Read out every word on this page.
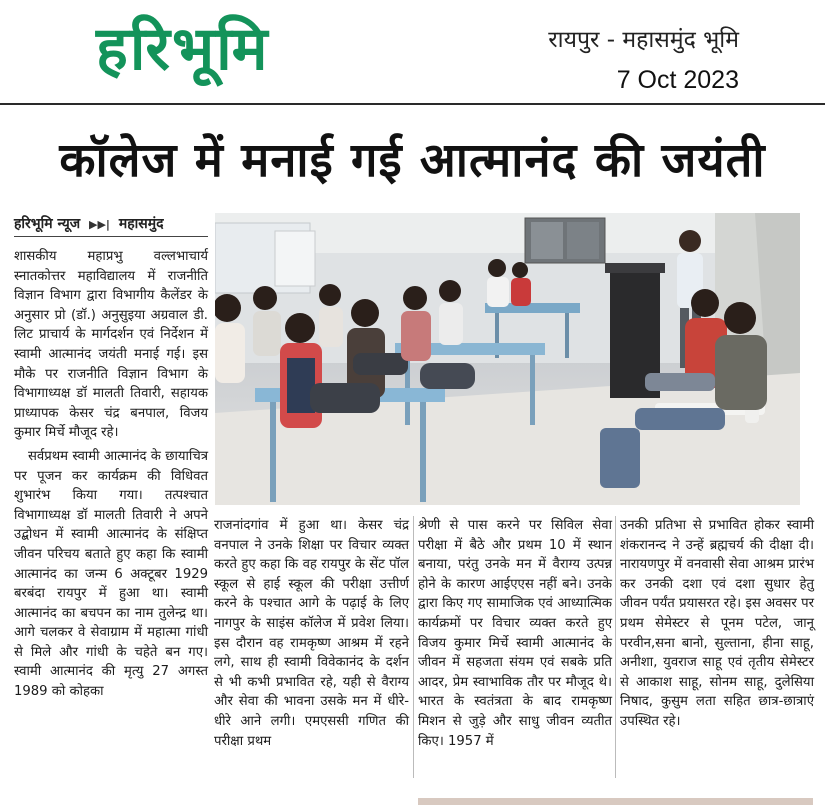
हरिभूमि	रायपुर - महासमुंद भूमि
7 Oct 2023
कॉलेज में मनाई गई आत्मानंद की जयंती
हरिभूमि न्यूज ▶▶| महासमुंद

शासकीय महाप्रभु वल्लभाचार्य स्नातकोत्तर महाविद्यालय में राजनीति विज्ञान विभाग द्वारा विभागीय कैलेंडर के अनुसार प्रो (डॉ.) अनुसुइया अग्रवाल डी. लिट प्राचार्य के मार्गदर्शन एवं निर्देशन में स्वामी आत्मानंद जयंती मनाई गई। इस मौके पर राजनीति विज्ञान विभाग के विभागाध्यक्ष डॉ मालती तिवारी, सहायक प्राध्यापक केसर चंद्र बनपाल, विजय कुमार मिर्चे मौजूद रहे।

सर्वप्रथम स्वामी आत्मानंद के छायाचित्र पर पूजन कर कार्यक्रम की विधिवत शुभारंभ किया गया। तत्पश्चात विभागाध्यक्ष डॉ मालती तिवारी ने अपने उद्बोधन में स्वामी आत्मानंद के संक्षिप्त जीवन परिचय बताते हुए कहा कि स्वामी आत्मानंद का जन्म 6 अक्टूबर 1929 बरबंदा रायपुर में हुआ था। स्वामी आत्मानंद का बचपन का नाम तुलेन्द्र था। आगे चलकर वे सेवाग्राम में महात्मा गांधी से मिले और गांधी के चहेते बन गए। स्वामी आत्मानंद की मृत्यु 27 अगस्त 1989 को कोहका

राजनांदगांव में हुआ था। केसर चंद्र वनपाल ने उनके शिक्षा पर विचार व्यक्त करते हुए कहा कि वह रायपुर के सेंट पॉल स्कूल से हाई स्कूल की परीक्षा उत्तीर्ण करने के पश्चात आगे के पढ़ाई के लिए नागपुर के साइंस कॉलेज में प्रवेश लिया। इस दौरान वह रामकृष्ण आश्रम में रहने लगे, साथ ही स्वामी विवेकानंद के दर्शन से भी कभी प्रभावित रहे, यही से वैराग्य और सेवा की भावना उसके मन में धीरे-धीरे आने लगी। एमएससी गणित की परीक्षा प्रथम

श्रेणी से पास करने पर सिविल सेवा परीक्षा में बैठे और प्रथम 10 में स्थान बनाया, परंतु उनके मन में वैराग्य उत्पन्न होने के कारण आईएएस नहीं बने। उनके द्वारा किए गए सामाजिक एवं आध्यात्मिक कार्यक्रमों पर विचार व्यक्त करते हुए विजय कुमार मिर्चे स्वामी आत्मानंद के जीवन में सहजता संयम एवं सबके प्रति आदर, प्रेम स्वाभाविक तौर पर मौजूद थे। भारत के स्वतंत्रता के बाद रामकृष्ण मिशन से जुड़े और साधु जीवन व्यतीत किए। 1957 में

उनकी प्रतिभा से प्रभावित होकर स्वामी शंकरानन्द ने उन्हें ब्रह्मचर्य की दीक्षा दी। नारायणपुर में वनवासी सेवा आश्रम प्रारंभ कर उनकी दशा एवं दशा सुधार हेतु जीवन पर्यंत प्रयासरत रहे। इस अवसर पर प्रथम सेमेस्टर से पूनम पटेल, जानू परवीन,सना बानो, सुल्ताना, हीना साहू, अनीशा, युवराज साहू एवं तृतीय सेमेस्टर से आकाश साहू, सोनम साहू, दुलेसिया निषाद, कुसुम लता सहित छात्र-छात्राएं उपस्थित रहे।
